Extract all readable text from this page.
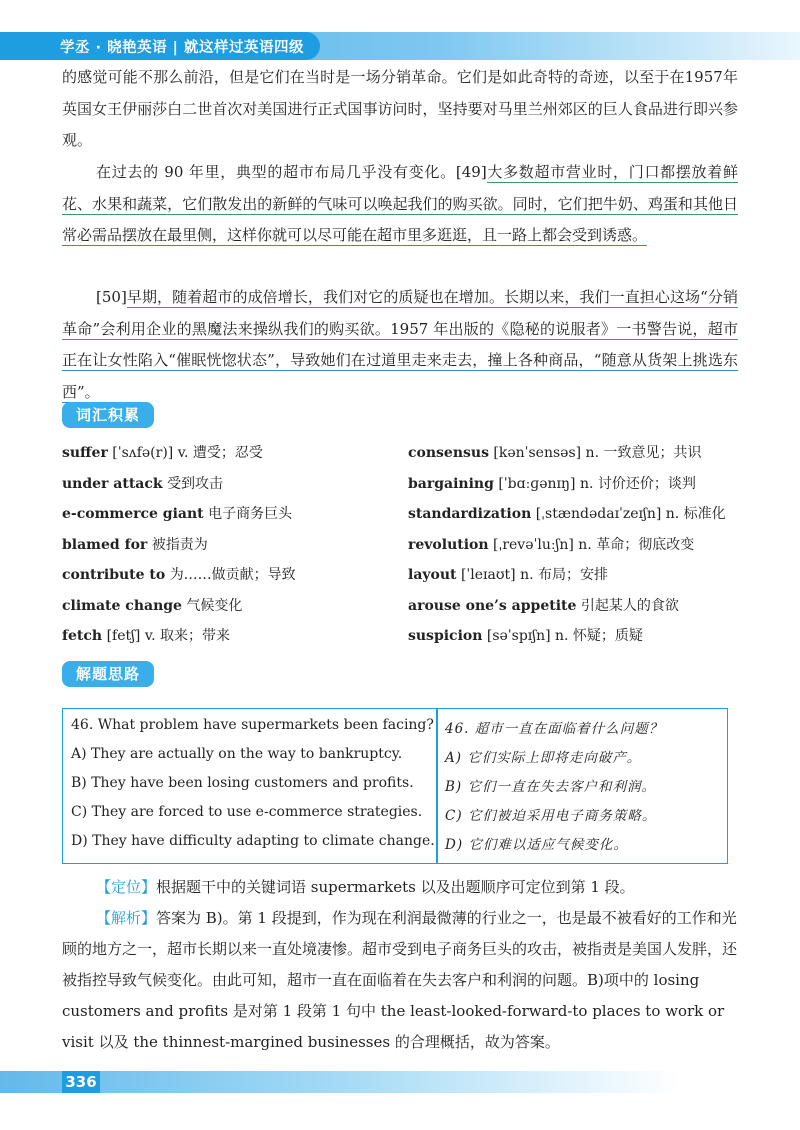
学丞 · 晓艳英语 | 就这样过英语四级
的感觉可能不那么前沿，但是它们在当时是一场分销革命。它们是如此奇特的奇迹，以至于在1957年英国女王伊丽莎白二世首次对美国进行正式国事访问时，坚持要对马里兰州郊区的巨人食品进行即兴参观。
在过去的 90 年里，典型的超市布局几乎没有变化。[49]大多数超市营业时，门口都摆放着鲜花、水果和蔬菜，它们散发出的新鲜的气味可以唤起我们的购买欲。同时，它们把牛奶、鸡蛋和其他日常必需品摆放在最里侧，这样你就可以尽可能在超市里多逛逛，且一路上都会受到诱惑。
[50]早期，随着超市的成倍增长，我们对它的质疑也在增加。长期以来，我们一直担心这场“分销革命”会利用企业的黑魔法来操纵我们的购买欲。1957 年出版的《隐秘的说服者》一书警告说，超市正在让女性陷入“催眠恍惚状态”，导致她们在过道里走来走去，撞上各种商品，“随意从货架上挑选东西”。
词汇积累
suffer [ˈsʌfə(r)] v. 遭受；忍受
under attack 受到攻击
e-commerce giant 电子商务巨头
blamed for 被指责为
contribute to 为……做贡献；导致
climate change 气候变化
fetch [fetʃ] v. 取来；带来
consensus [kənˈsensəs] n. 一致意见；共识
bargaining [ˈbɑːɡənɪŋ] n. 讨价还价；谈判
standardization [ˌstændədaɪˈzeɪʃn] n. 标准化
revolution [ˌrevəˈluːʃn] n. 革命；彻底改变
layout [ˈleɪaʊt] n. 布局；安排
arouse one’s appetite 引起某人的食欲
suspicion [səˈspɪʃn] n. 怀疑；质疑
解题思路
46. What problem have supermarkets been facing?
A) They are actually on the way to bankruptcy.
B) They have been losing customers and profits.
C) They are forced to use e-commerce strategies.
D) They have difficulty adapting to climate change.
46. 超市一直在面临着什么问题？
A) 它们实际上即将走向破产。
B) 它们一直在失去客户和利润。
C) 它们被迫采用电子商务策略。
D) 它们难以适应气候变化。
【定位】根据题干中的关键词语 supermarkets 以及出题顺序可定位到第 1 段。
【解析】答案为 B)。第 1 段提到，作为现在利润最微薄的行业之一，也是最不被看好的工作和光顾的地方之一，超市长期以来一直处境凄惨。超市受到电子商务巨头的攻击，被指责是美国人发胖，还被指控导致气候变化。由此可知，超市一直在面临着在失去客户和利润的问题。B)项中的 losing customers and profits 是对第 1 段第 1 句中 the least-looked-forward-to places to work or visit 以及 the thinnest-margined businesses 的合理概括，故为答案。
336
